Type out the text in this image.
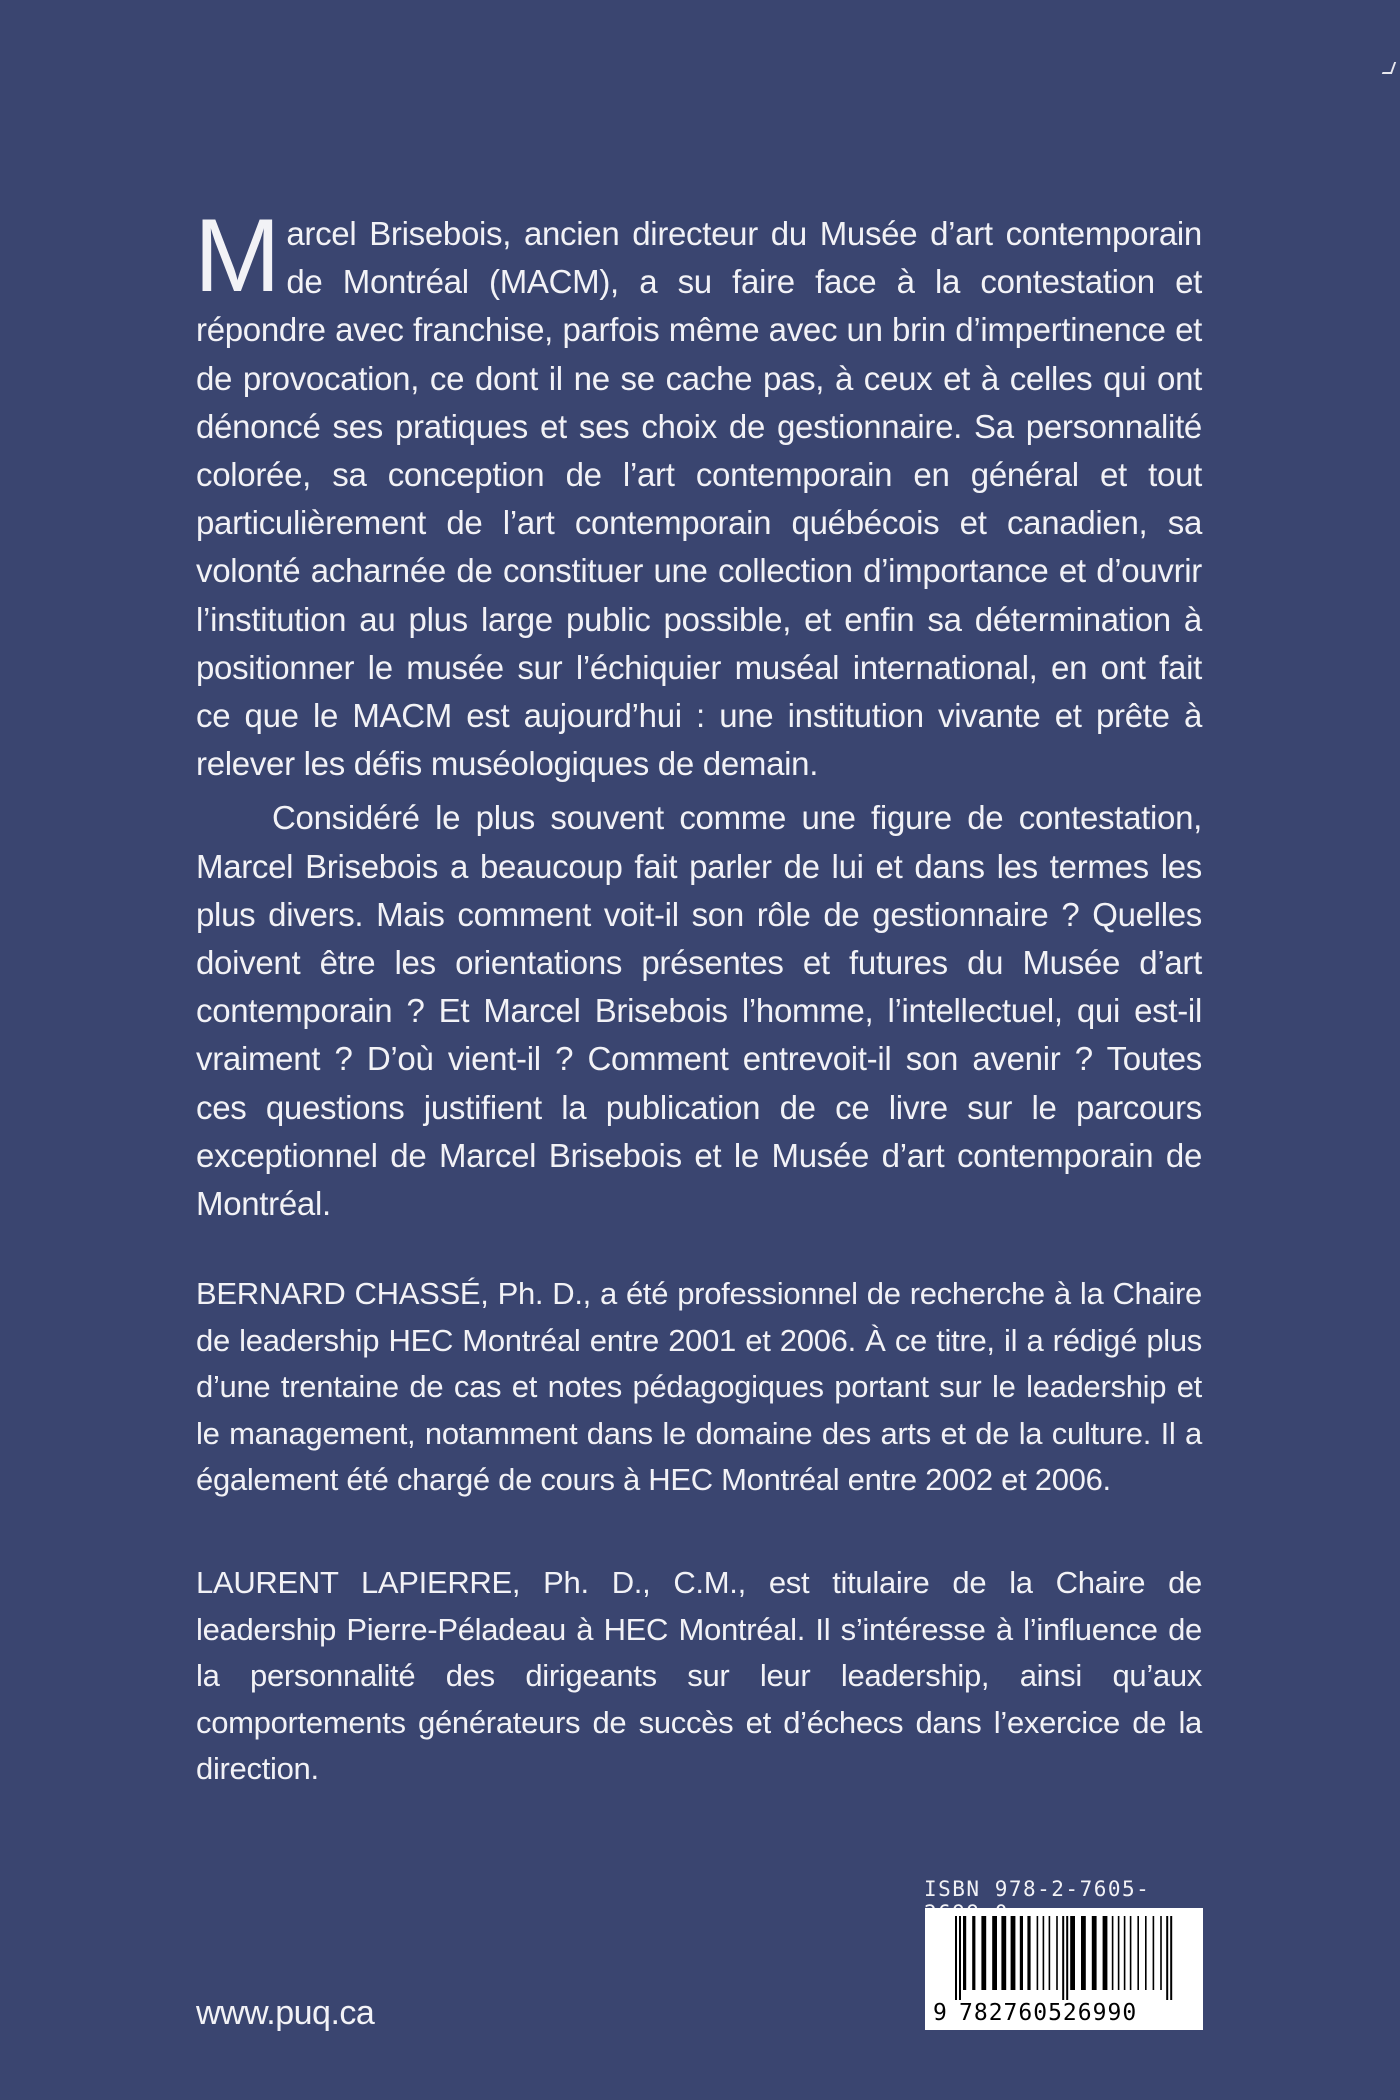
Marcel Brisebois, ancien directeur du Musée d’art contemporain de Montréal (MACM), a su faire face à la contestation et répondre avec franchise, parfois même avec un brin d’impertinence et de provocation, ce dont il ne se cache pas, à ceux et à celles qui ont dénoncé ses pratiques et ses choix de gestionnaire. Sa personnalité colorée, sa conception de l’art contemporain en général et tout particulièrement de l’art contemporain québécois et canadien, sa volonté acharnée de constituer une collection d’importance et d’ouvrir l’institution au plus large public possible, et enfin sa détermination à positionner le musée sur l’échiquier muséal international, en ont fait ce que le MACM est aujourd’hui : une institution vivante et prête à relever les défis muséologiques de demain.

Considéré le plus souvent comme une figure de contestation, Marcel Brisebois a beaucoup fait parler de lui et dans les termes les plus divers. Mais comment voit-il son rôle de gestionnaire ? Quelles doivent être les orientations présentes et futures du Musée d’art contemporain ? Et Marcel Brisebois l’homme, l’intellectuel, qui est-il vraiment ? D’où vient-il ? Comment entrevoit-il son avenir ? Toutes ces questions justifient la publication de ce livre sur le parcours exceptionnel de Marcel Brisebois et le Musée d’art contemporain de Montréal.

BERNARD CHASSÉ, Ph. D., a été professionnel de recherche à la Chaire de leadership HEC Montréal entre 2001 et 2006. À ce titre, il a rédigé plus d’une trentaine de cas et notes pédagogiques portant sur le leadership et le management, notamment dans le domaine des arts et de la culture. Il a également été chargé de cours à HEC Montréal entre 2002 et 2006.

LAURENT LAPIERRE, Ph. D., C.M., est titulaire de la Chaire de leadership Pierre-Péladeau à HEC Montréal. Il s’intéresse à l’influence de la personnalité des dirigeants sur leur leadership, ainsi qu’aux comportements générateurs de succès et d’échecs dans l’exercice de la direction.

www.puq.ca
ISBN 978-2-7605-
9 782760526990
